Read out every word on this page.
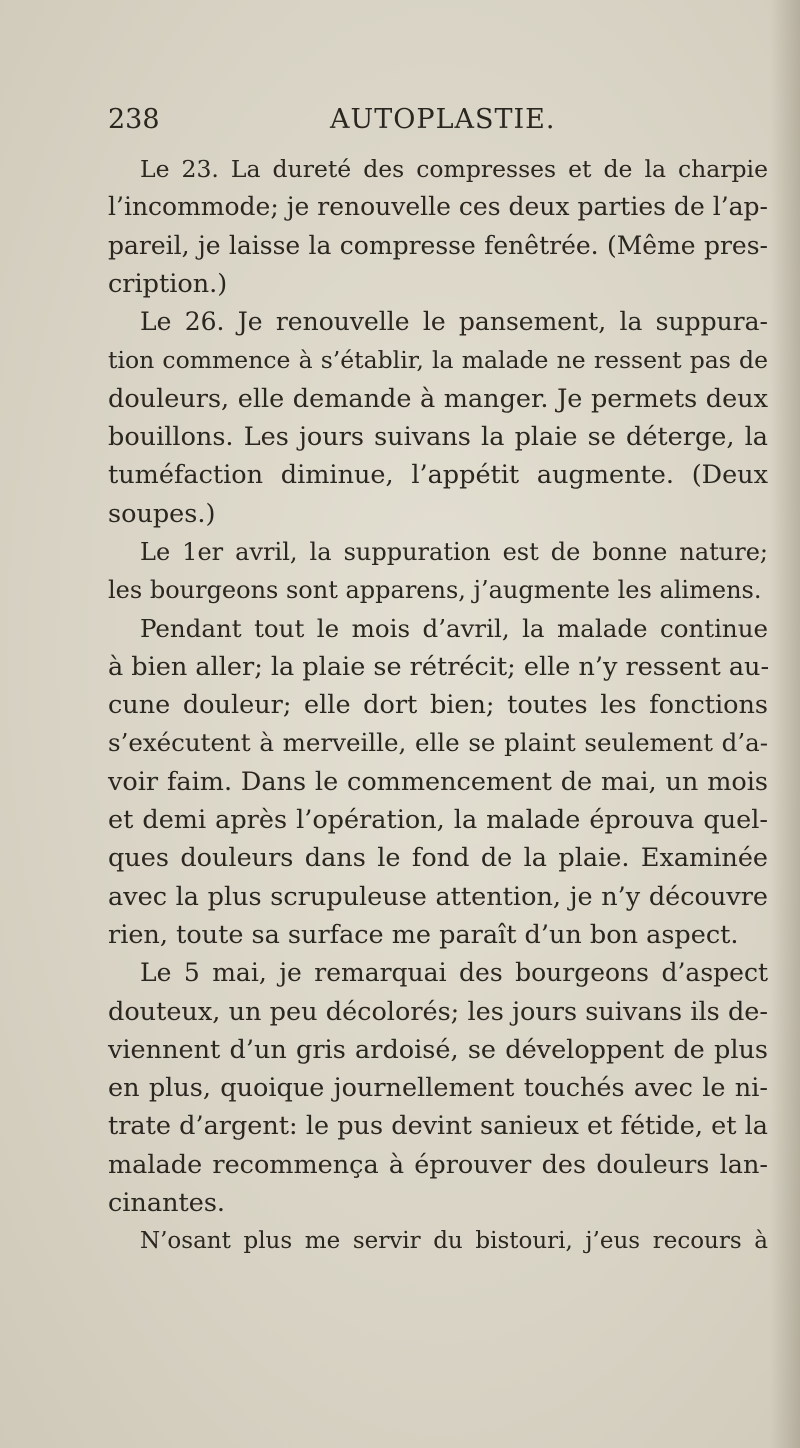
238	AUTOPLASTIE.

Le 23. La dureté des compresses et de la charpie
l’incommode; je renouvelle ces deux parties de l’ap-
pareil, je laisse la compresse fenêtrée. (Même pres-
cription.)

Le 26. Je renouvelle le pansement, la suppura-
tion commence à s’établir, la malade ne ressent pas de
douleurs, elle demande à manger. Je permets deux
bouillons. Les jours suivans la plaie se déterge, la
tuméfaction diminue, l’appétit augmente. (Deux
soupes.)

Le 1er avril, la suppuration est de bonne nature;
les bourgeons sont apparens, j’augmente les alimens.

Pendant tout le mois d’avril, la malade continue
à bien aller; la plaie se rétrécit; elle n’y ressent au-
cune douleur; elle dort bien; toutes les fonctions
s’exécutent à merveille, elle se plaint seulement d’a-
voir faim. Dans le commencement de mai, un mois
et demi après l’opération, la malade éprouva quel-
ques douleurs dans le fond de la plaie. Examinée
avec la plus scrupuleuse attention, je n’y découvre
rien, toute sa surface me paraît d’un bon aspect.

Le 5 mai, je remarquai des bourgeons d’aspect
douteux, un peu décolorés; les jours suivans ils de-
viennent d’un gris ardoisé, se développent de plus
en plus, quoique journellement touchés avec le ni-
trate d’argent: le pus devint sanieux et fétide, et la
malade recommença à éprouver des douleurs lan-
cinantes.

N’osant plus me servir du bistouri, j’eus recours à
